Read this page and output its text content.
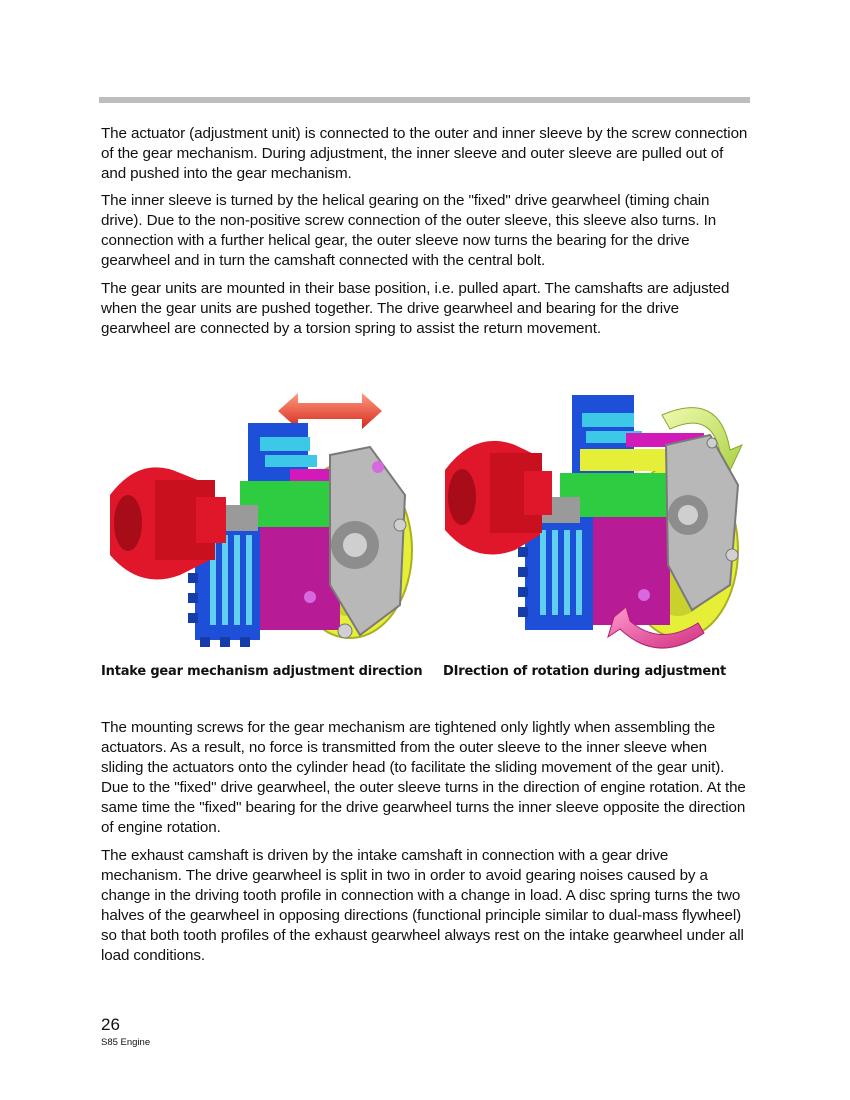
The actuator (adjustment unit) is connected to the outer and inner sleeve by the screw connection of the gear mechanism. During adjustment, the inner sleeve and outer sleeve are pulled out of and pushed into the gear mechanism.

The inner sleeve is turned by the helical gearing on the "fixed" drive gearwheel (timing chain drive). Due to the non-positive screw connection of the outer sleeve, this sleeve also turns. In connection with a further helical gear, the outer sleeve now turns the bearing for the drive gearwheel and in turn the camshaft connected with the central bolt.

The gear units are mounted in their base position, i.e. pulled apart. The camshafts are adjusted when the gear units are pushed together. The drive gearwheel and bearing for the drive gearwheel are connected by a torsion spring to assist the return movement.

Intake gear mechanism adjustment direction DIrection of rotation during adjustment

The mounting screws for the gear mechanism are tightened only lightly when assembling the actuators. As a result, no force is transmitted from the outer sleeve to the inner sleeve when sliding the actuators onto the cylinder head (to facilitate the sliding movement of the gear unit). Due to the "fixed" drive gearwheel, the outer sleeve turns in the direction of engine rotation. At the same time the "fixed" bearing for the drive gearwheel turns the inner sleeve opposite the direction of engine rotation.

The exhaust camshaft is driven by the intake camshaft in connection with a gear drive mechanism. The drive gearwheel is split in two in order to avoid gearing noises caused by a change in the driving tooth profile in connection with a change in load. A disc spring turns the two halves of the gearwheel in opposing directions (functional principle similar to dual-mass flywheel) so that both tooth profiles of the exhaust gearwheel always rest on the intake gearwheel under all load conditions.

26
S85 Engine
